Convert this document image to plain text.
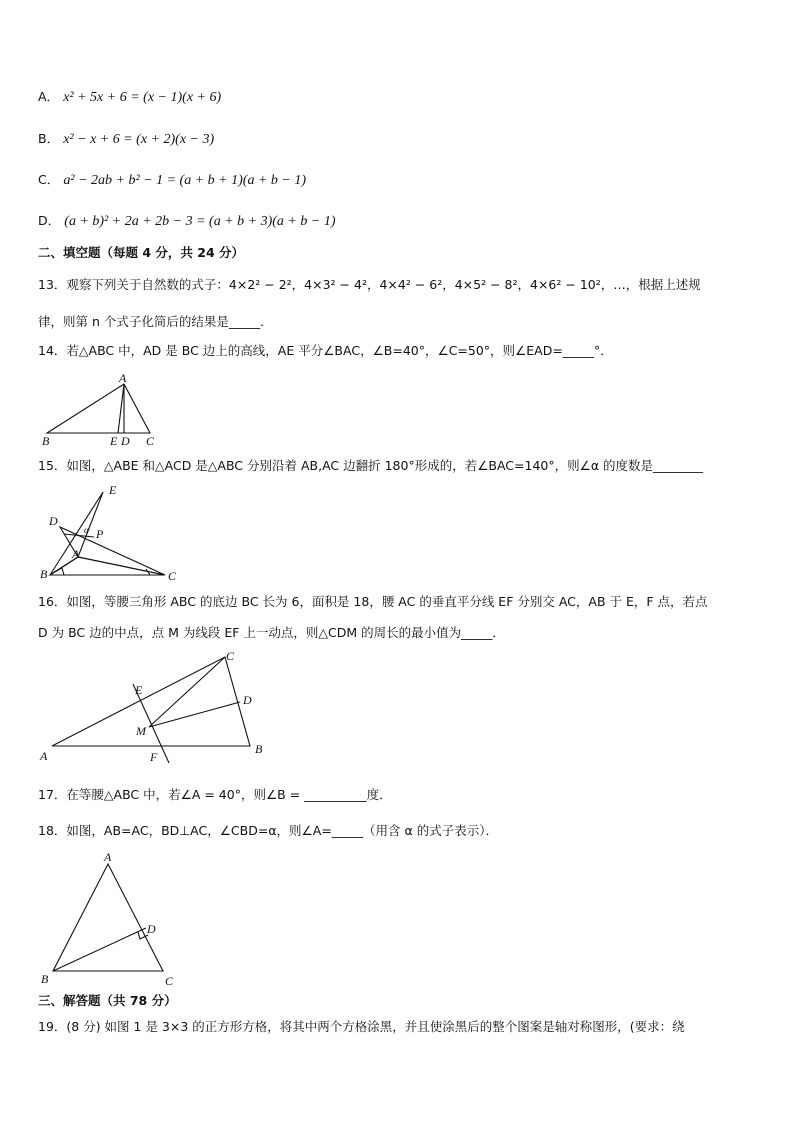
A． x² + 5x + 6 = (x − 1)(x + 6)
B． x² − x + 6 = (x + 2)(x − 3)
C． a² − 2ab + b² − 1 = (a + b + 1)(a + b − 1)
D． (a + b)² + 2a + 2b − 3 = (a + b + 3)(a + b − 1)
二、填空题（每题 4 分，共 24 分）
13．观察下列关于自然数的式子：4×2² − 2²，4×3² − 4²，4×4² − 6²，4×5² − 8²，4×6² − 10²，…，根据上述规
律，则第 n 个式子化简后的结果是_____．
14．若△ABC 中，AD 是 BC 边上的高线，AE 平分∠BAC，∠B=40°，∠C=50°，则∠EAD=_____°．
A
B	E D C
15．如图，△ABE 和△ACD 是△ABC 分别沿着 AB,AC 边翻折 180°形成的，若∠BAC=140°，则∠α 的度数是________
E
D
α P
A
B	C
16．如图，等腰三角形 ABC 的底边 BC 长为 6，面积是 18，腰 AC 的垂直平分线 EF 分别交 AC，AB 于 E，F 点，若点
D 为 BC 边的中点，点 M 为线段 EF 上一动点，则△CDM 的周长的最小值为_____．
C
E
D
M
A	F
B
17．在等腰△ABC 中，若∠A = 40°，则∠B = __________度．
18．如图，AB=AC，BD⊥AC，∠CBD=α，则∠A=_____（用含 α 的式子表示）．
A
D
B	C
三、解答题（共 78 分）
19．(8 分) 如图 1 是 3×3 的正方形方格，将其中两个方格涂黑，并且使涂黑后的整个图案是轴对称图形，(要求：绕
